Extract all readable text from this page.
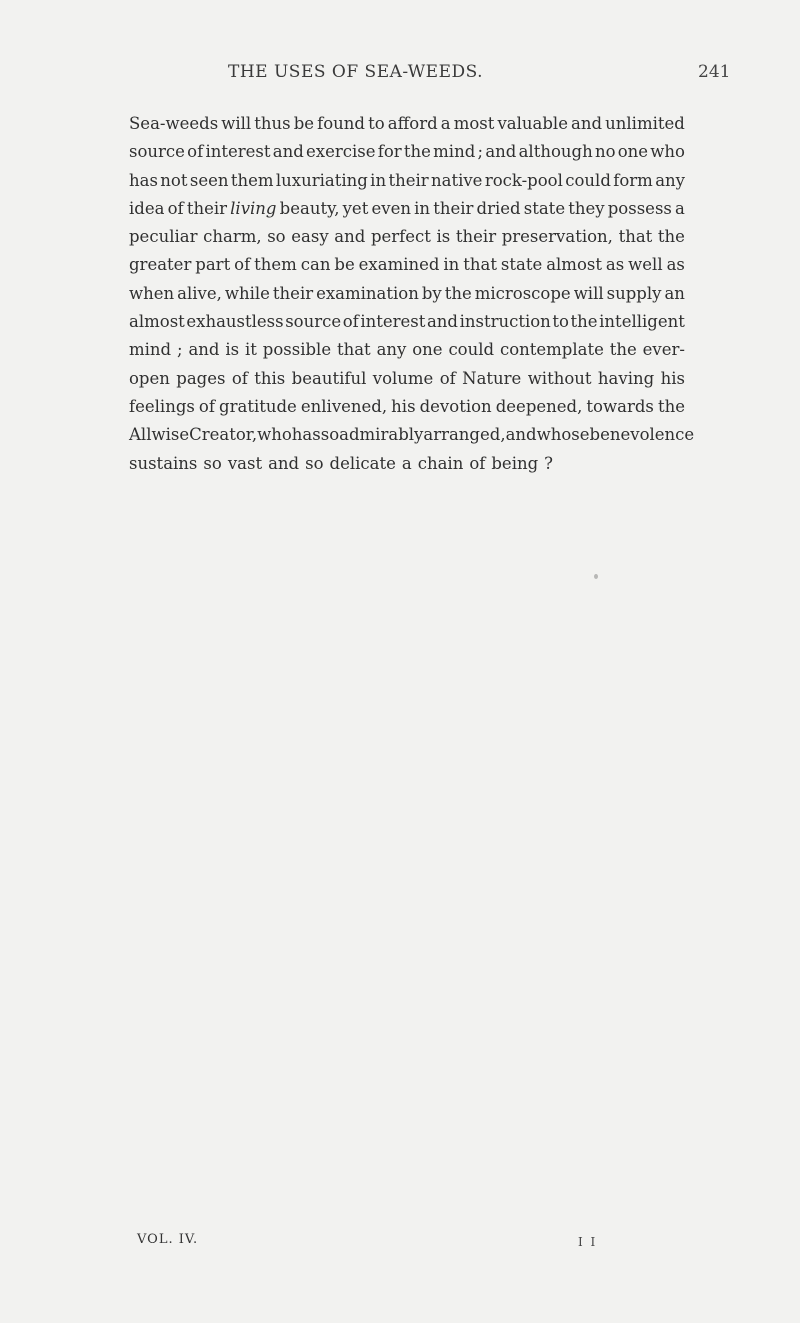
THE USES OF SEA-WEEDS.	241
Sea-weeds will thus be found to afford a most valuable and unlimited
source of interest and exercise for the mind ; and although no one who
has not seen them luxuriating in their native rock-pool could form any
idea of their living beauty, yet even in their dried state they possess a
peculiar charm, so easy and perfect is their preservation, that the
greater part of them can be examined in that state almost as well as
when alive, while their examination by the microscope will supply an
almost exhaustless source of interest and instruction to the intelligent
mind ; and is it possible that any one could contemplate the ever-
open pages of this beautiful volume of Nature without having his
feelings of gratitude enlivened, his devotion deepened, towards the
Allwise Creator, who has so admirably arranged, and whose benevolence
sustains so vast and so delicate a chain of being ?
VOL. IV.	I I
